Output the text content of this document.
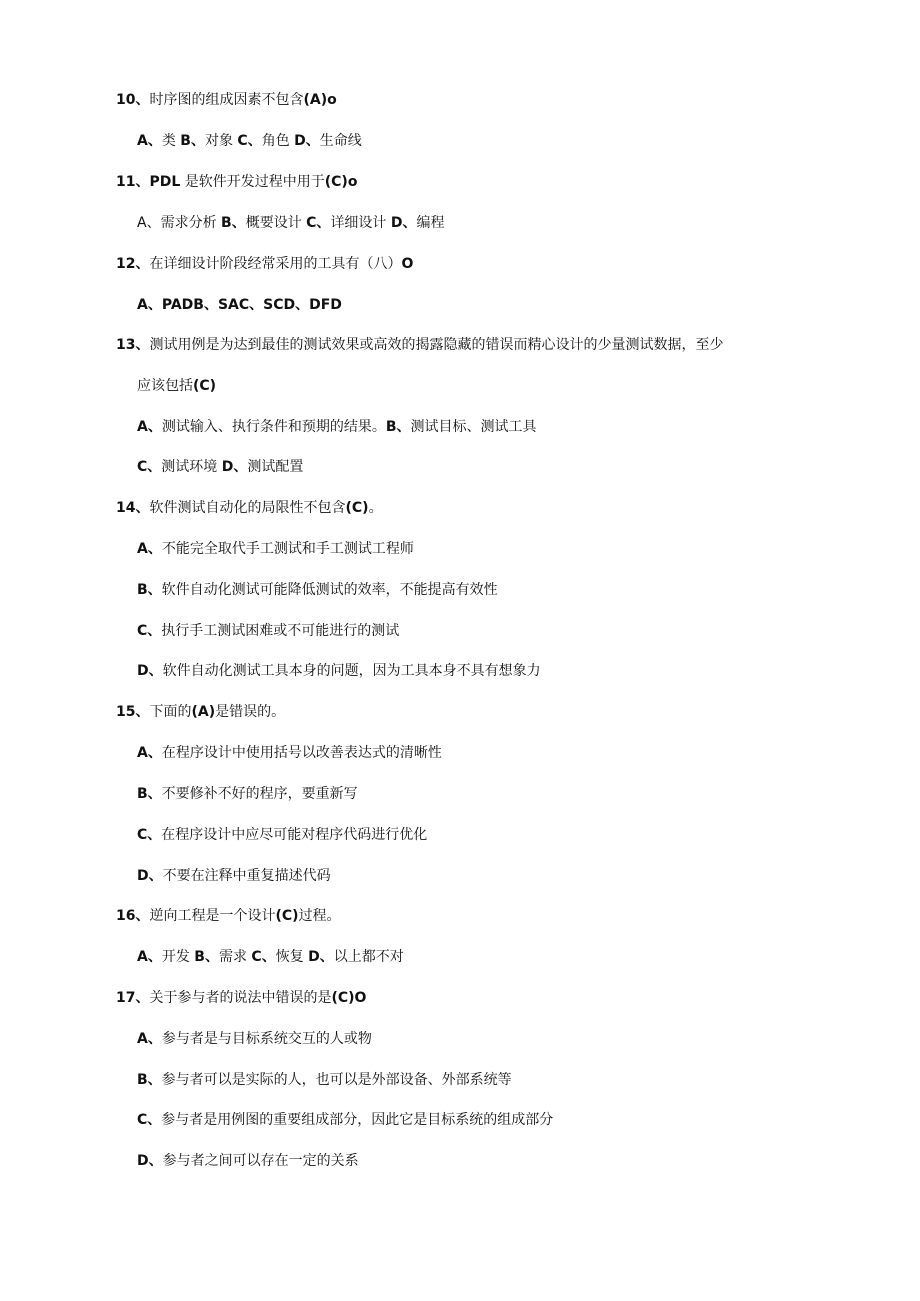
10、时序图的组成因素不包含(A)o
A、类 B、对象 C、角色 D、生命线
11、PDL 是软件开发过程中用于(C)o
A、需求分析 B、概要设计 C、详细设计 D、编程
12、在详细设计阶段经常采用的工具有（八）O
A、PADB、SAC、SCD、DFD
13、测试用例是为达到最佳的测试效果或高效的揭露隐藏的错误而精心设计的少量测试数据，至少
应该包括(C)
A、测试输入、执行条件和预期的结果。B、测试目标、测试工具
C、测试环境 D、测试配置
14、软件测试自动化的局限性不包含(C)。
A、不能完全取代手工测试和手工测试工程师
B、软件自动化测试可能降低测试的效率，不能提高有效性
C、执行手工测试困难或不可能进行的测试
D、软件自动化测试工具本身的问题，因为工具本身不具有想象力
15、下面的(A)是错误的。
A、在程序设计中使用括号以改善表达式的清晰性
B、不要修补不好的程序，要重新写
C、在程序设计中应尽可能对程序代码进行优化
D、不要在注释中重复描述代码
16、逆向工程是一个设计(C)过程。
A、开发 B、需求 C、恢复 D、以上都不对
17、关于参与者的说法中错误的是(C)O
A、参与者是与目标系统交互的人或物
B、参与者可以是实际的人，也可以是外部设备、外部系统等
C、参与者是用例图的重要组成部分，因此它是目标系统的组成部分
D、参与者之间可以存在一定的关系
